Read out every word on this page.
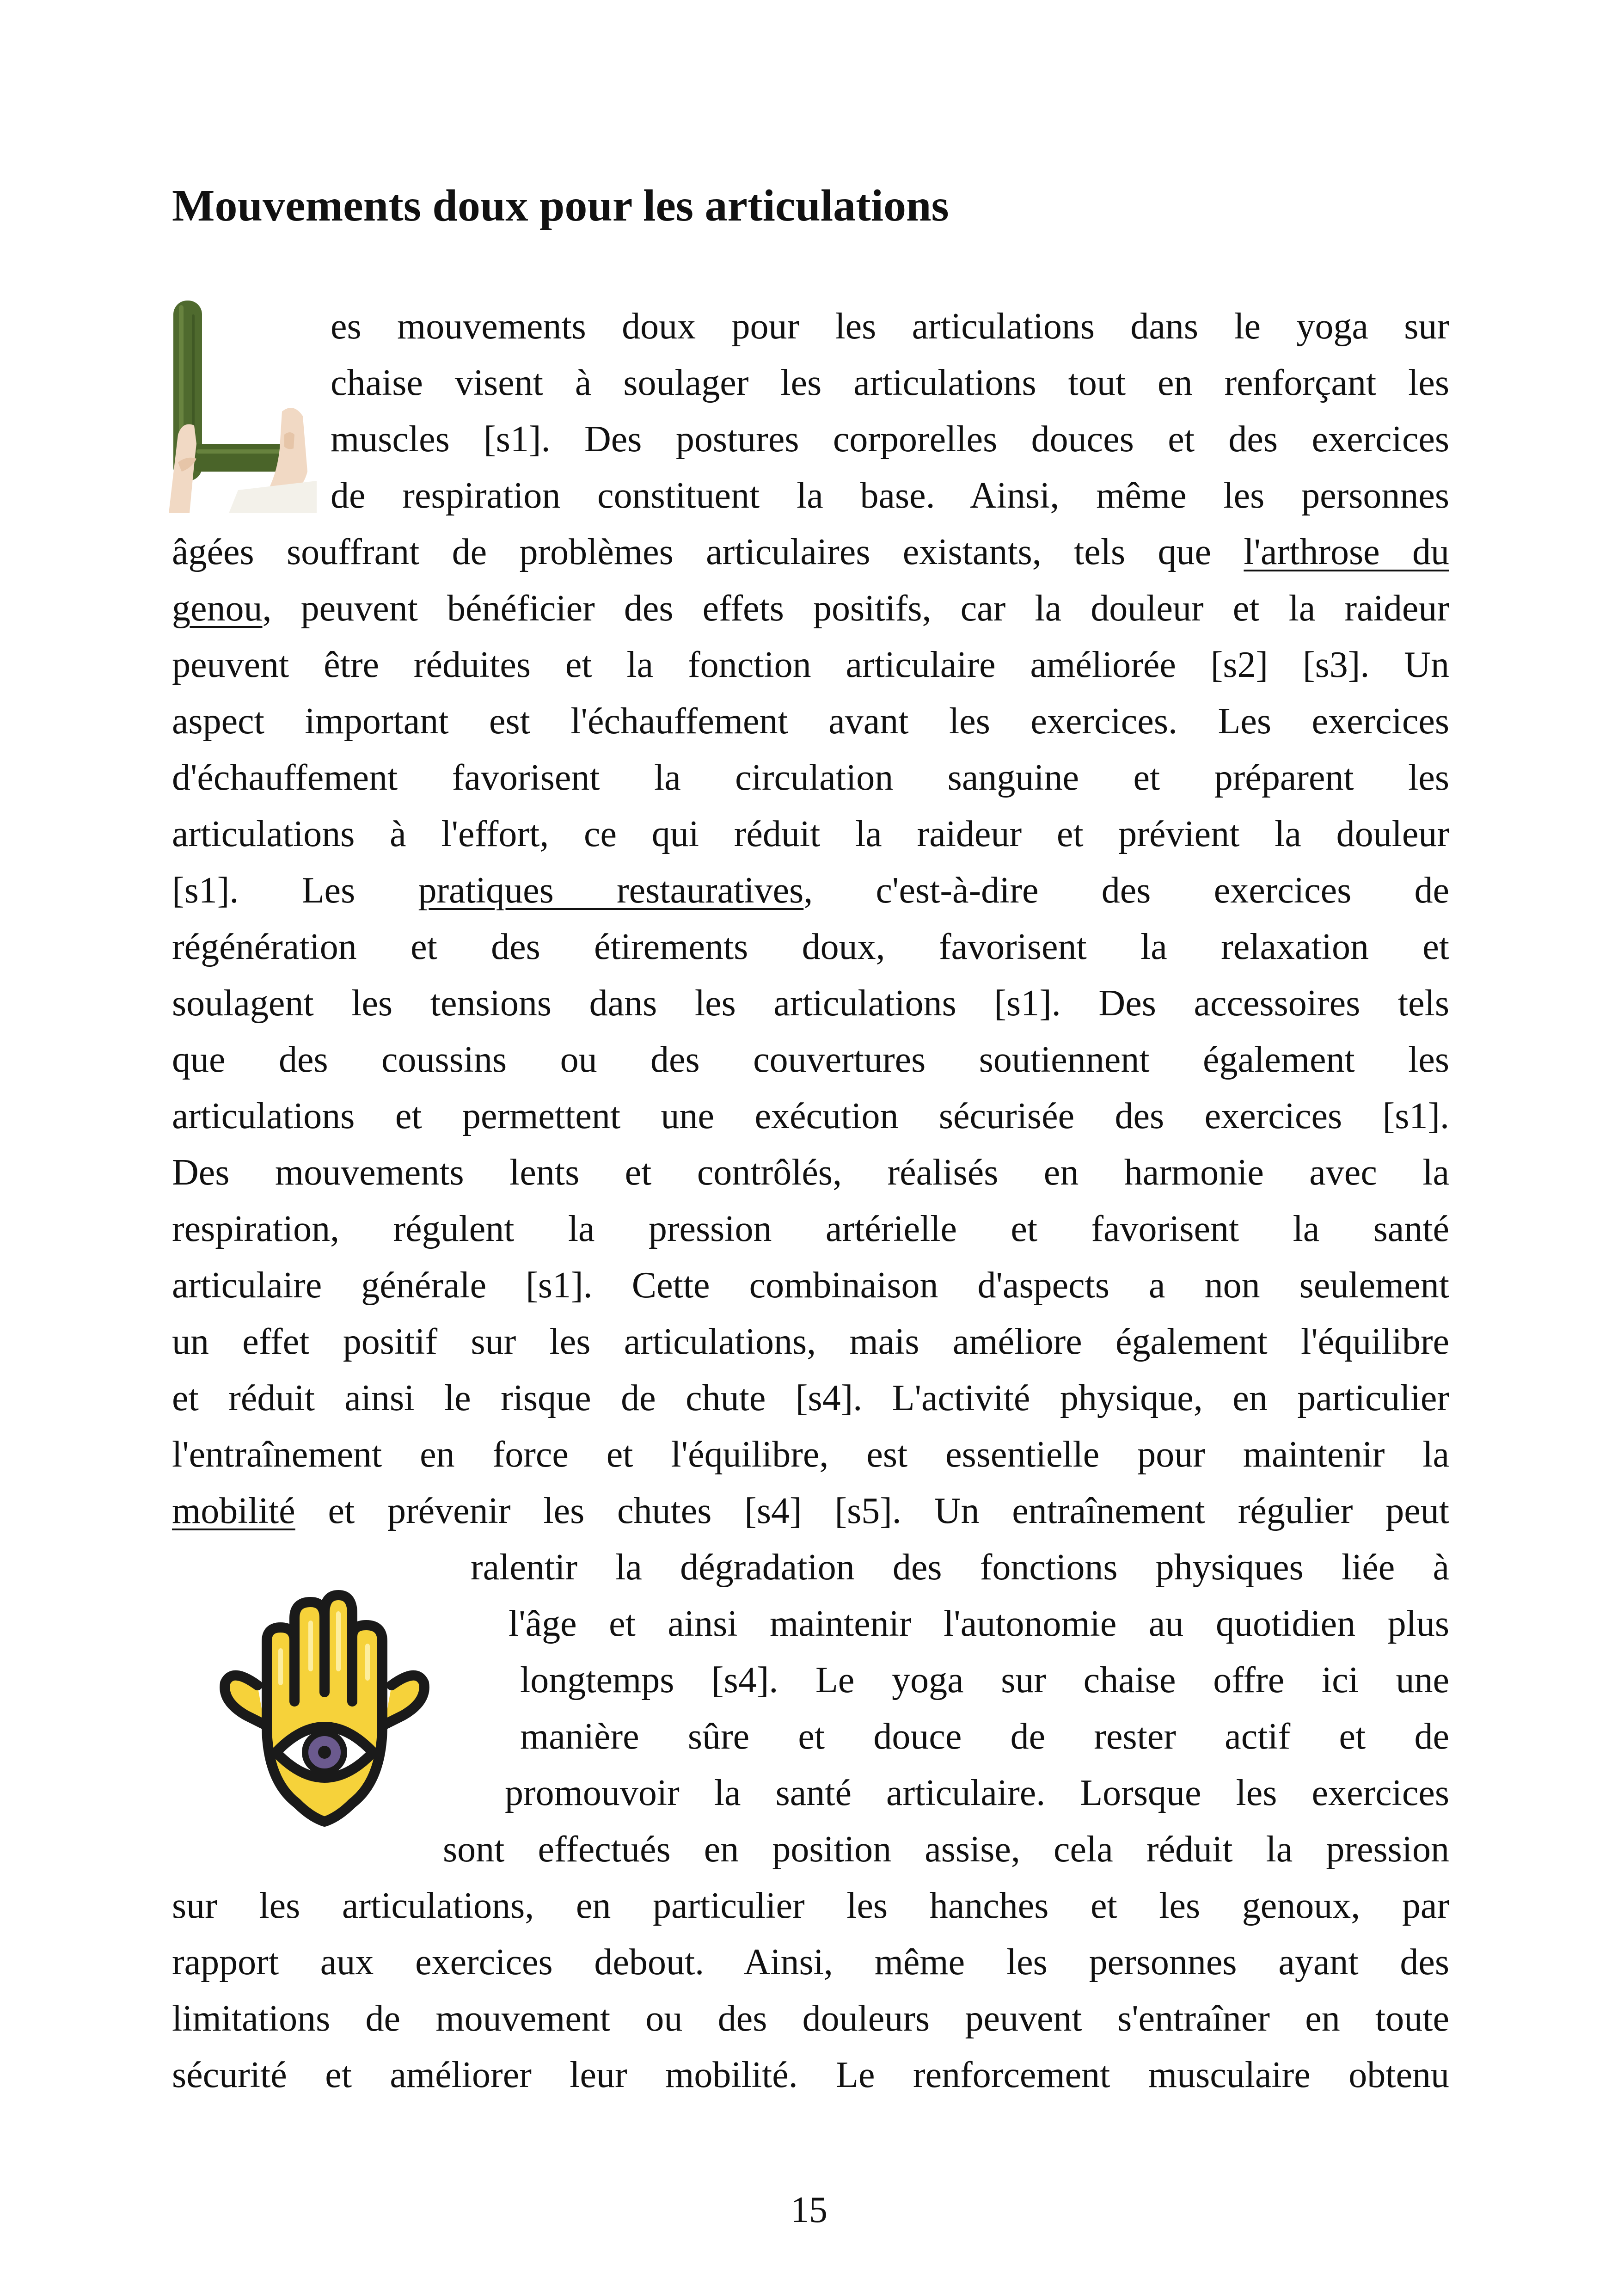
Mouvements doux pour les articulations
es mouvements doux pour les articulations dans le yoga sur
chaise visent à soulager les articulations tout en renforçant les
muscles [s1]. Des postures corporelles douces et des exercices
de respiration constituent la base. Ainsi, même les personnes
âgées souffrant de problèmes articulaires existants, tels que l'arthrose du
genou, peuvent bénéficier des effets positifs, car la douleur et la raideur
peuvent être réduites et la fonction articulaire améliorée [s2] [s3]. Un
aspect important est l'échauffement avant les exercices. Les exercices
d'échauffement favorisent la circulation sanguine et préparent les
articulations à l'effort, ce qui réduit la raideur et prévient la douleur
[s1]. Les pratiques restauratives, c'est-à-dire des exercices de
régénération et des étirements doux, favorisent la relaxation et
soulagent les tensions dans les articulations [s1]. Des accessoires tels
que des coussins ou des couvertures soutiennent également les
articulations et permettent une exécution sécurisée des exercices [s1].
Des mouvements lents et contrôlés, réalisés en harmonie avec la
respiration, régulent la pression artérielle et favorisent la santé
articulaire générale [s1]. Cette combinaison d'aspects a non seulement
un effet positif sur les articulations, mais améliore également l'équilibre
et réduit ainsi le risque de chute [s4]. L'activité physique, en particulier
l'entraînement en force et l'équilibre, est essentielle pour maintenir la
mobilité et prévenir les chutes [s4] [s5]. Un entraînement régulier peut
ralentir la dégradation des fonctions physiques liée à
l'âge et ainsi maintenir l'autonomie au quotidien plus
longtemps [s4]. Le yoga sur chaise offre ici une
manière sûre et douce de rester actif et de
promouvoir la santé articulaire. Lorsque les exercices
sont effectués en position assise, cela réduit la pression
sur les articulations, en particulier les hanches et les genoux, par
rapport aux exercices debout. Ainsi, même les personnes ayant des
limitations de mouvement ou des douleurs peuvent s'entraîner en toute
sécurité et améliorer leur mobilité. Le renforcement musculaire obtenu
15
